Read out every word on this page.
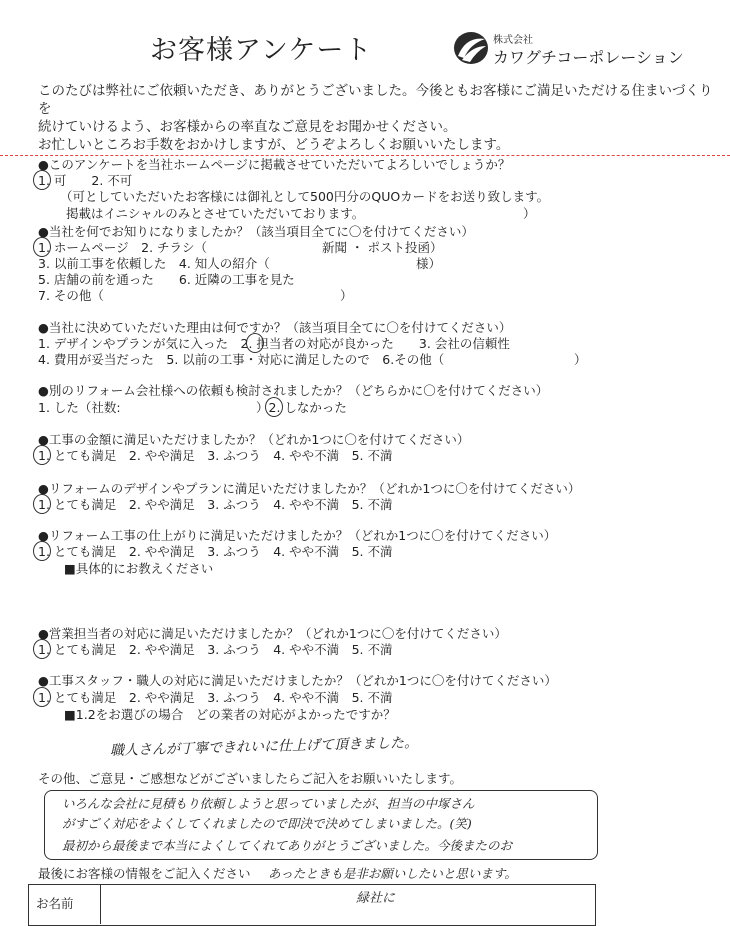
お客様アンケート	株式会社
カワグチコーポレーション
このたびは弊社にご依頼いただき、ありがとうございました。今後ともお客様にご満足いただける住まいづくりを
続けていけるよう、お客様からの率直なご意見をお聞かせください。
お忙しいところお手数をおかけしますが、どうぞよろしくお願いいたします。
●このアンケートを当社ホームページに掲載させていただいてよろしいでしょうか？
1. 可　　2. 不可
（可としていただいたお客様には御礼として500円分のQUOカードをお送り致します。
掲載はイニシャルのみとさせていただいております。	）
●当社を何でお知りになりましたか？（該当項目全てに〇を付けてください）
1. ホームページ　2. チラシ（	新聞 ・ ポスト投函）
3. 以前工事を依頼した　4. 知人の紹介（	様）
5. 店舗の前を通った　　6. 近隣の工事を見た
7. その他（	）
●当社に決めていただいた理由は何ですか？（該当項目全てに〇を付けてください）
1. デザインやプランが気に入った　2. 担当者の対応が良かった　　3. 会社の信頼性
4. 費用が妥当だった　5. 以前の工事・対応に満足したので　6.その他（	）
●別のリフォーム会社様への依頼も検討されましたか？（どちらかに〇を付けてください）
1. した（社数:	）2. しなかった
●工事の金額に満足いただけましたか？（どれか1つに〇を付けてください）
1. とても満足　2. やや満足　3. ふつう　4. やや不満　5. 不満
●リフォームのデザインやプランに満足いただけましたか？（どれか1つに〇を付けてください）
1. とても満足　2. やや満足　3. ふつう　4. やや不満　5. 不満
●リフォーム工事の仕上がりに満足いただけましたか？（どれか1つに〇を付けてください）
1. とても満足　2. やや満足　3. ふつう　4. やや不満　5. 不満
■具体的にお教えください
●営業担当者の対応に満足いただけましたか？（どれか1つに〇を付けてください）
1. とても満足　2. やや満足　3. ふつう　4. やや不満　5. 不満
●工事スタッフ・職人の対応に満足いただけましたか？（どれか1つに〇を付けてください）
1. とても満足　2. やや満足　3. ふつう　4. やや不満　5. 不満
■1.2をお選びの場合　どの業者の対応がよかったですか？
職人さんが丁寧できれいに仕上げて頂きました。
その他、ご意見・ご感想などがございましたらご記入をお願いいたします。
いろんな会社に見積もり依頼しようと思っていましたが、担当の中塚さん
がすごく対応をよくしてくれましたので即決で決めてしまいました。(笑)
最初から最後まで本当によくしてくれてありがとうございました。今後またのお
最後にお客様の情報をご記入ください あったときも是非お願いしたいと思います。
お名前	緑社に
